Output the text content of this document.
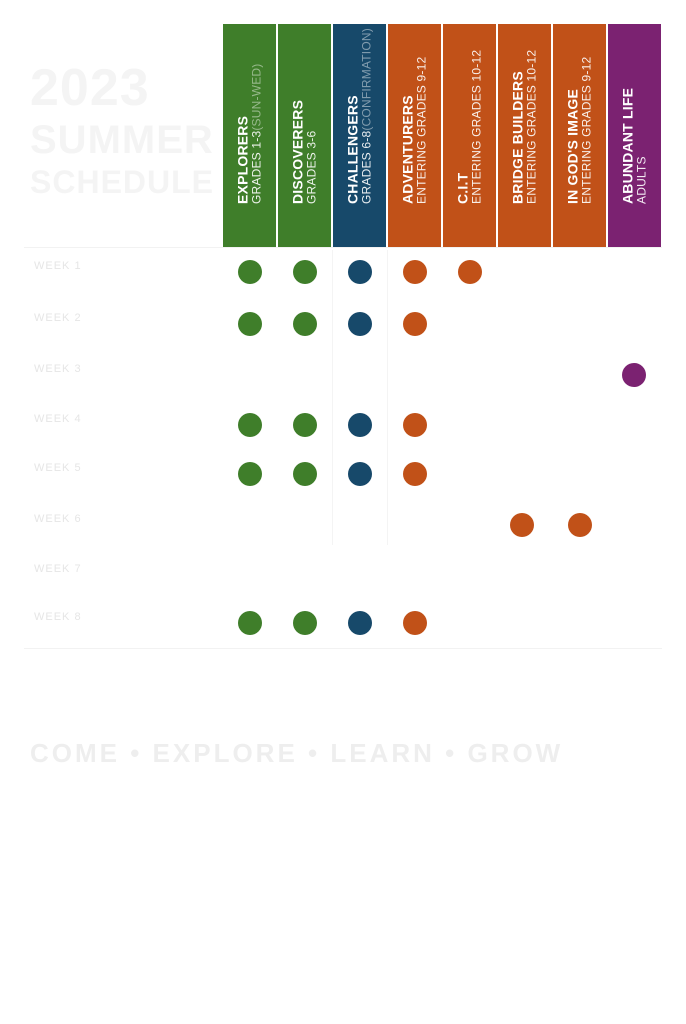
2023
SUMMER
SCHEDULE	EXPLORERS GRADES 1-3(SUN-WED)
DISCOVERERS GRADES 3-6 CHALLENGERS GRADES 6-8(CONFIRMATION)
ADVENTURERS ENTERING GRADES 9-12 C.I.T ENTERING GRADES 10-12 BRIDGE BUILDERS ENTERING GRADES 10-12 IN GOD'S IMAGE ENTERING GRADES 9-12 ABUNDANT LIFE ADULTS
WEEK 1
WEEK 2
WEEK 3
WEEK 4
WEEK 5
WEEK 6
WEEK 7
WEEK 8
COME • EXPLORE • LEARN • GROW
